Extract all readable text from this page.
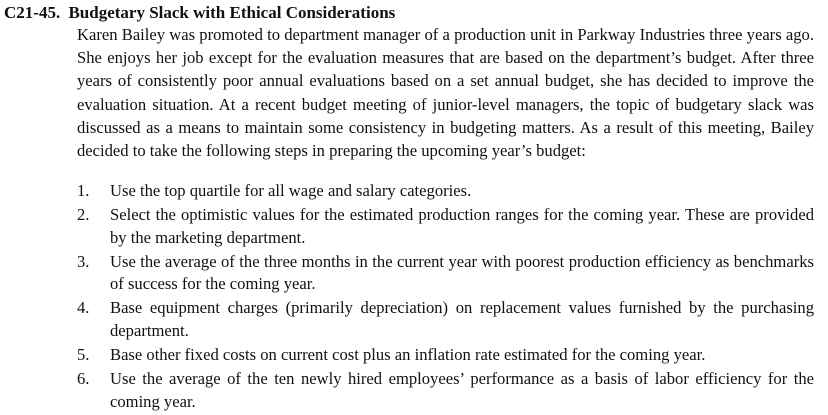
C21-45. Budgetary Slack with Ethical Considerations

Karen Bailey was promoted to department manager of a production unit in Parkway Industries three years ago. She enjoys her job except for the evaluation measures that are based on the department’s budget. After three years of consistently poor annual evaluations based on a set annual budget, she has decided to improve the evaluation situation. At a recent budget meeting of junior-level managers, the topic of budgetary slack was discussed as a means to maintain some consistency in budgeting matters. As a result of this meeting, Bailey decided to take the following steps in preparing the upcoming year’s budget:

1. Use the top quartile for all wage and salary categories.
2. Select the optimistic values for the estimated production ranges for the coming year. These are provided by the marketing department.
3. Use the average of the three months in the current year with poorest production efficiency as benchmarks of success for the coming year.
4. Base equipment charges (primarily depreciation) on replacement values furnished by the purchasing department.
5. Base other fixed costs on current cost plus an inflation rate estimated for the coming year.
6. Use the average of the ten newly hired employees’ performance as a basis of labor efficiency for the coming year.
